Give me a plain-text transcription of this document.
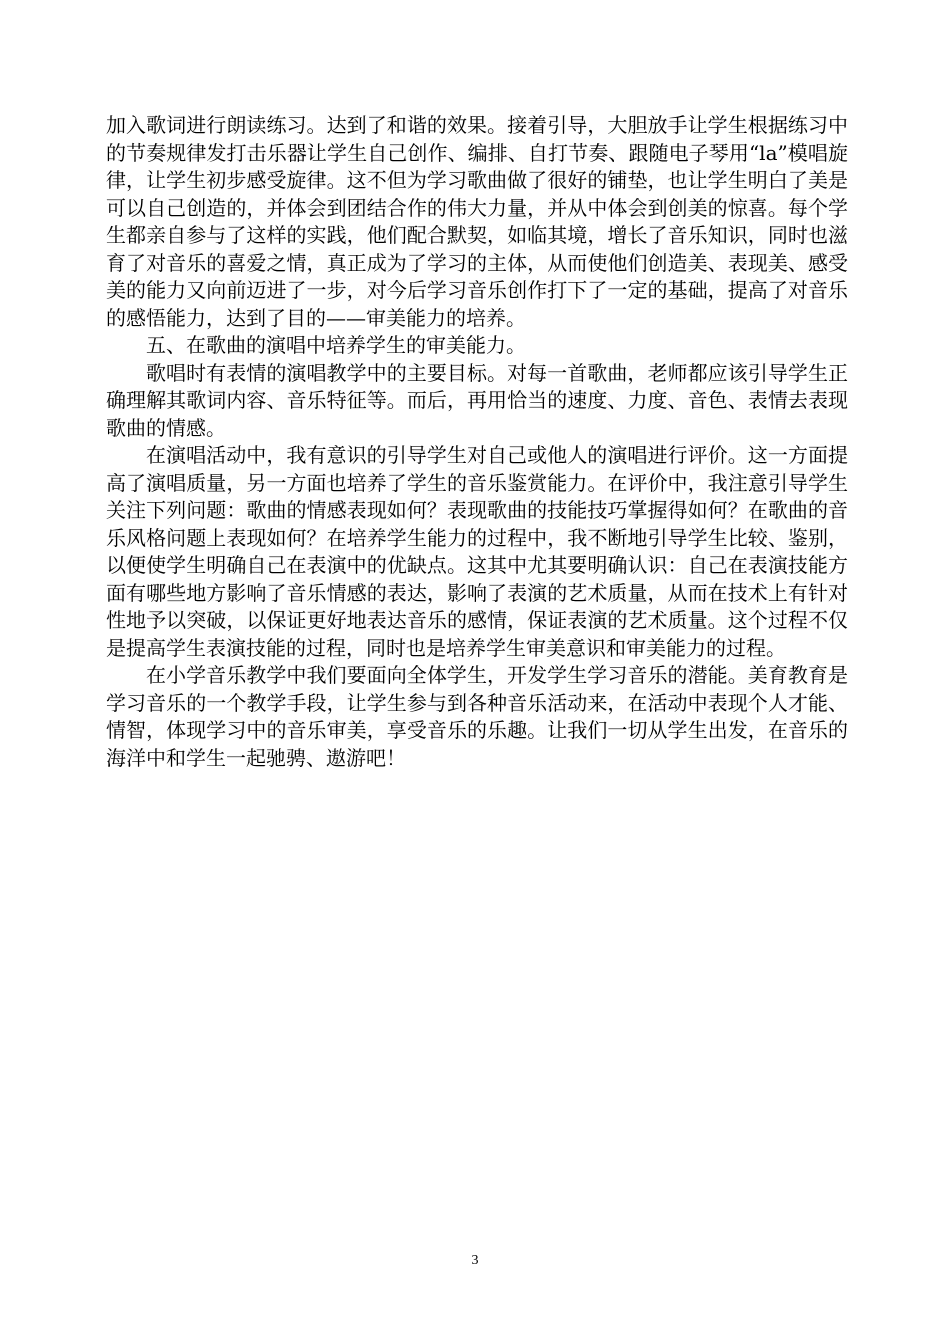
加入歌词进行朗读练习。达到了和谐的效果。接着引导，大胆放手让学生根据练习中的节奏规律发打击乐器让学生自己创作、编排、自打节奏、跟随电子琴用“la”模唱旋律，让学生初步感受旋律。这不但为学习歌曲做了很好的铺垫，也让学生明白了美是可以自己创造的，并体会到团结合作的伟大力量，并从中体会到创美的惊喜。每个学生都亲自参与了这样的实践，他们配合默契，如临其境，增长了音乐知识，同时也滋育了对音乐的喜爱之情，真正成为了学习的主体，从而使他们创造美、表现美、感受美的能力又向前迈进了一步，对今后学习音乐创作打下了一定的基础，提高了对音乐的感悟能力，达到了目的——审美能力的培养。

五、在歌曲的演唱中培养学生的审美能力。

歌唱时有表情的演唱教学中的主要目标。对每一首歌曲，老师都应该引导学生正确理解其歌词内容、音乐特征等。而后，再用恰当的速度、力度、音色、表情去表现歌曲的情感。

在演唱活动中，我有意识的引导学生对自己或他人的演唱进行评价。这一方面提高了演唱质量，另一方面也培养了学生的音乐鉴赏能力。在评价中，我注意引导学生关注下列问题：歌曲的情感表现如何？表现歌曲的技能技巧掌握得如何？在歌曲的音乐风格问题上表现如何？在培养学生能力的过程中，我不断地引导学生比较、鉴别，以便使学生明确自己在表演中的优缺点。这其中尤其要明确认识：自己在表演技能方面有哪些地方影响了音乐情感的表达，影响了表演的艺术质量，从而在技术上有针对性地予以突破，以保证更好地表达音乐的感情，保证表演的艺术质量。这个过程不仅是提高学生表演技能的过程，同时也是培养学生审美意识和审美能力的过程。

在小学音乐教学中我们要面向全体学生，开发学生学习音乐的潜能。美育教育是学习音乐的一个教学手段，让学生参与到各种音乐活动来，在活动中表现个人才能、情智，体现学习中的音乐审美，享受音乐的乐趣。让我们一切从学生出发，在音乐的海洋中和学生一起驰骋、遨游吧！

3
